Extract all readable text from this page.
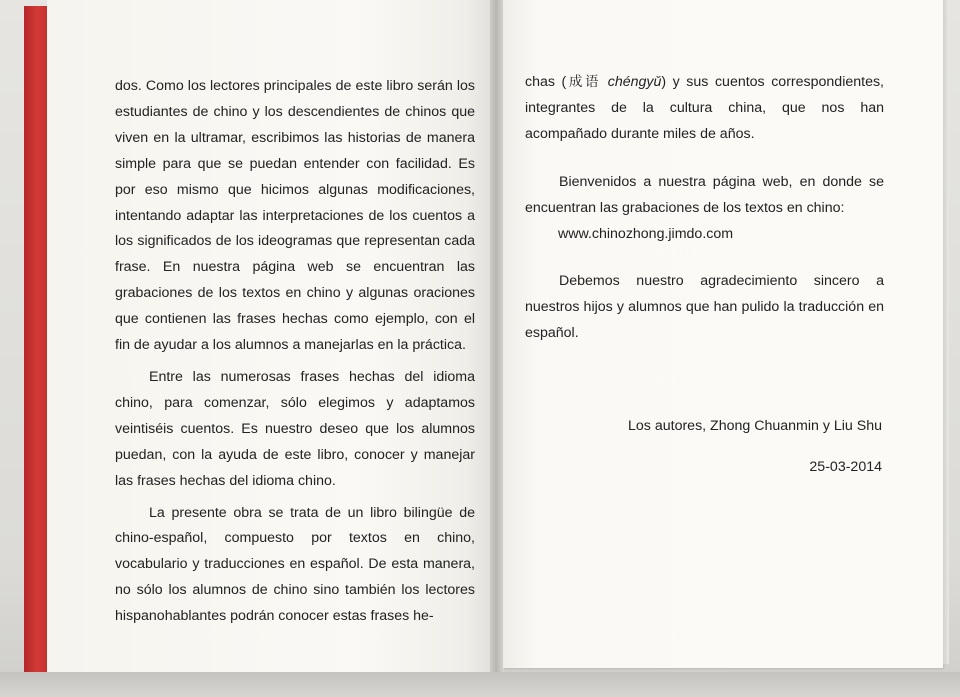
dos. Como los lectores principales de este libro serán los estudiantes de chino y los descendientes de chinos que viven en la ultramar, escribimos las historias de manera simple para que se puedan entender con facilidad. Es por eso mismo que hicimos algunas modificaciones, intentando adaptar las interpretaciones de los cuentos a los significados de los ideogramas que representan cada frase. En nuestra página web se encuentran las grabaciones de los textos en chino y algunas oraciones que contienen las frases hechas como ejemplo, con el fin de ayudar a los alumnos a manejarlas en la práctica.

Entre las numerosas frases hechas del idioma chino, para comenzar, sólo elegimos y adaptamos veintiséis cuentos. Es nuestro deseo que los alumnos puedan, con la ayuda de este libro, conocer y manejar las frases hechas del idioma chino.

La presente obra se trata de un libro bilingüe de chino-español, compuesto por textos en chino, vocabulario y traducciones en español. De esta manera, no sólo los alumnos de chino sino también los lectores hispanohablantes podrán conocer estas frases he-

chas (成语 chéngyǔ) y sus cuentos correspondientes, integrantes de la cultura china, que nos han acompañado durante miles de años.

Bienvenidos a nuestra página web, en donde se encuentran las grabaciones de los textos en chino:

www.chinozhong.jimdo.com

Debemos nuestro agradecimiento sincero a nuestros hijos y alumnos que han pulido la traducción en español.

Los autores, Zhong Chuanmin y Liu Shu
25-03-2014
